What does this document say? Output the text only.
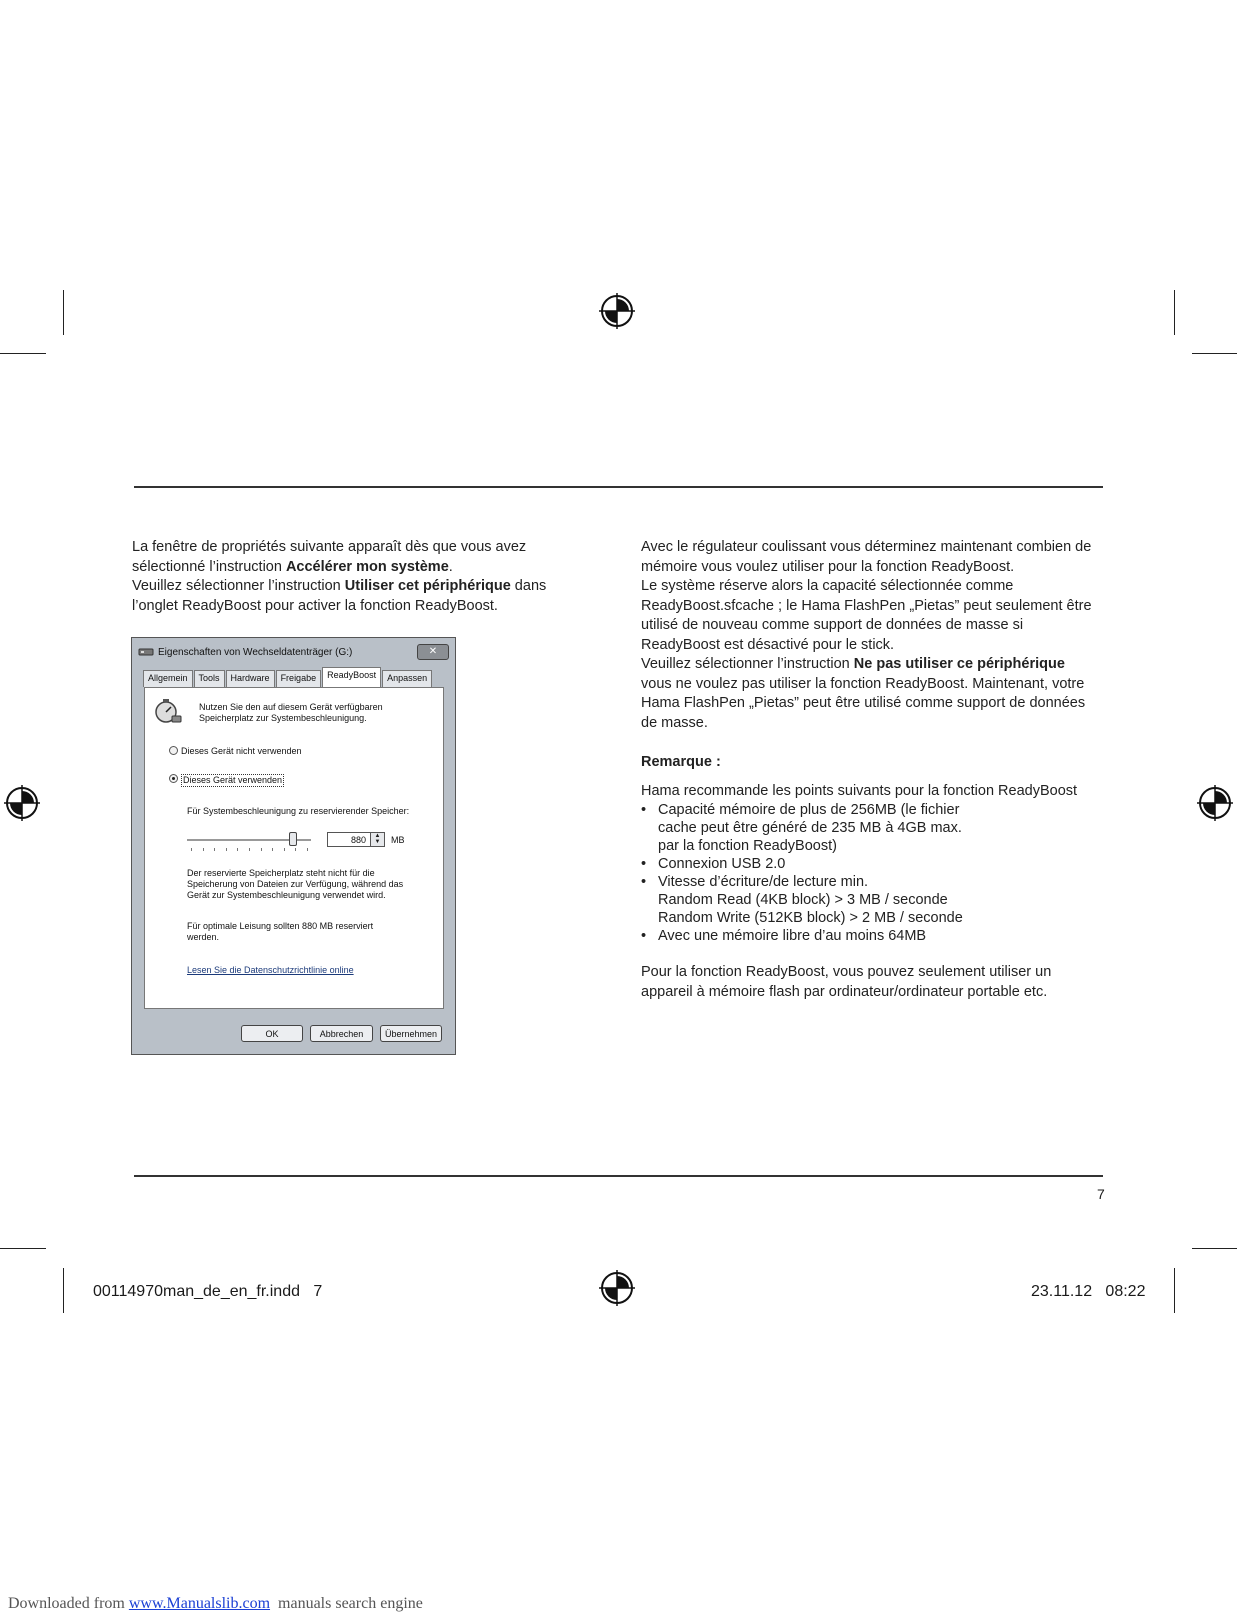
La fenêtre de propriétés suivante apparaît dès que vous avez sélectionné l’instruction Accélérer mon système.
Veuillez sélectionner l’instruction Utiliser cet périphérique dans l’onglet ReadyBoost pour activer la fonction ReadyBoost.
Eigenschaften von Wechseldatenträger (G:)	✕
Allgemein	Tools	Hardware	Freigabe	ReadyBoost	Anpassen
Nutzen Sie den auf diesem Gerät verfügbaren Speicherplatz zur Systembeschleunigung.
Dieses Gerät nicht verwenden
Dieses Gerät verwenden
Für Systembeschleunigung zu reservierender Speicher:
880	▲
▼	MB
Der reservierte Speicherplatz steht nicht für die Speicherung von Dateien zur Verfügung, während das Gerät zur Systembeschleunigung verwendet wird.
Für optimale Leisung sollten 880 MB reserviert werden.
Lesen Sie die Datenschutzrichtlinie online
OK	Abbrechen	Übernehmen
Avec le régulateur coulissant vous déterminez maintenant combien de mémoire vous voulez utiliser pour la fonction ReadyBoost.
Le système réserve alors la capacité sélectionnée comme ReadyBoost.sfcache ; le Hama FlashPen „Pietas” peut seulement être utilisé de nouveau comme support de données de masse si ReadyBoost est désactivé pour le stick.
Veuillez sélectionner l’instruction Ne pas utiliser ce périphérique vous ne voulez pas utiliser la fonction ReadyBoost. Maintenant, votre Hama FlashPen „Pietas” peut être utilisé comme support de données de masse.
Remarque :
Hama recommande les points suivants pour la fonction ReadyBoost
• Capacité mémoire de plus de 256MB (le fichier
cache peut être généré de 235 MB à 4GB max.
par la fonction ReadyBoost)
• Connexion USB 2.0
• Vitesse d’écriture/de lecture min.
Random Read (4KB block) > 3 MB / seconde
Random Write (512KB block) > 2 MB / seconde
• Avec une mémoire libre d’au moins 64MB
Pour la fonction ReadyBoost, vous pouvez seulement utiliser un appareil à mémoire flash par ordinateur/ordinateur portable etc.
7
00114970man_de_en_fr.indd   7	23.11.12   08:22

Downloaded from www.Manualslib.com  manuals search engine
